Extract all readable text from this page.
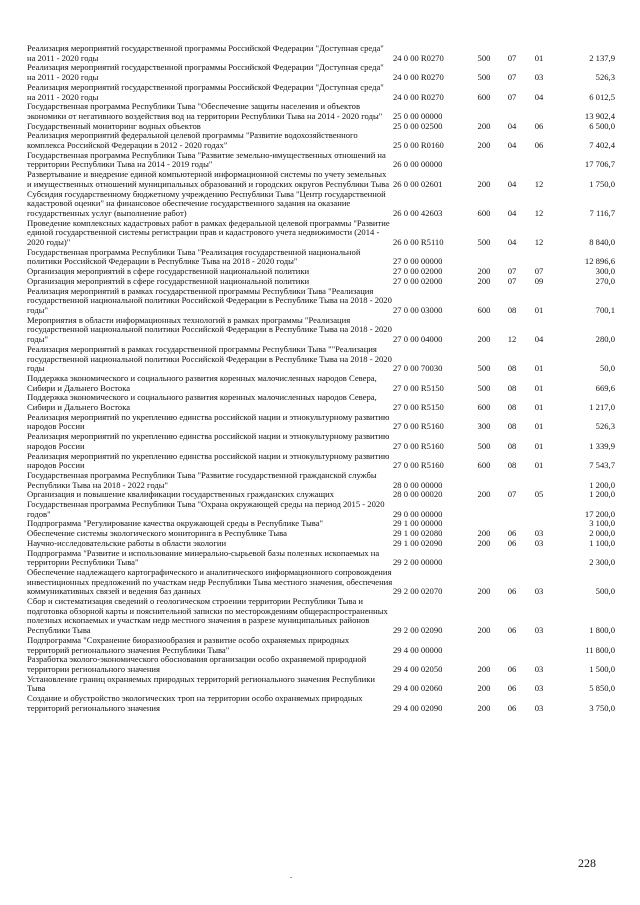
Реализация мероприятий государственной программы Российской Федерации "Доступная среда" на 2011 - 2020 годы	24 0 00 R0270	500	07	01	2 137,9
Реализация мероприятий государственной программы Российской Федерации "Доступная среда" на 2011 - 2020 годы	24 0 00 R0270	500	07	03	526,3
Реализация мероприятий государственной программы Российской Федерации "Доступная среда" на 2011 - 2020 годы	24 0 00 R0270	600	07	04	6 012,5
Государственная программа Республики Тыва "Обеспечение защиты населения и объектов экономики от негативного воздействия вод на территории Республики Тыва на 2014 - 2020 годы"	25 0 00 00000				13 902,4
Государственный мониторинг водных объектов	25 0 00 02500	200	04	06	6 500,0
Реализация мероприятий федеральной целевой программы "Развитие водохозяйственного комплекса Российской Федерации в 2012 - 2020 годах"	25 0 00 R0160	200	04	06	7 402,4
Государственная программа Республики Тыва "Развитие земельно-имущественных отношений на территории Республики Тыва на 2014 - 2019 годы"	26 0 00 00000				17 706,7
Развертывание и внедрение единой компьютерной информационной системы по учету земельных и имущественных отношений муниципальных образований и городских округов Республики Тыва	26 0 00 02601	200	04	12	1 750,0
Субсидия государственному бюджетному учреждению Республики Тыва "Центр государственной кадастровой оценки" на финансовое обеспечение государственного задания на оказание государственных услуг (выполнение работ)	26 0 00 42603	600	04	12	7 116,7
Проведение комплексных кадастровых работ в рамках федеральной целевой программы "Развитие единой государственной системы регистрации прав и кадастрового учета недвижимости (2014 - 2020 годы)"	26 0 00 R5110	500	04	12	8 840,0
Государственная программа Республики Тыва "Реализация государственной национальной политики Российской Федерации в Республике Тыва на 2018 - 2020 годы"	27 0 00 00000				12 896,6
Организация мероприятий в сфере государственной национальной политики	27 0 00 02000	200	07	07	300,0
Организация мероприятий в сфере государственной национальной политики	27 0 00 02000	200	07	09	270,0
Реализация мероприятий в рамках государственной программы Республики Тыва "Реализация государственной национальной политики Российской Федерации в Республике Тыва на 2018 - 2020 годы"	27 0 00 03000	600	08	01	700,1
Мероприятия в области информационных технологий в рамках программы "Реализация государственной национальной политики Российской Федерации в Республике Тыва на 2018 - 2020 годы"	27 0 00 04000	200	12	04	280,0
Реализация мероприятий в рамках государственной программы Республики Тыва ""Реализация государственной национальной политики Российской Федерации в Республике Тыва на 2018 - 2020 годы	27 0 00 70030	500	08	01	50,0
Поддержка экономического и социального развития коренных малочисленных народов Севера, Сибири и Дальнего Востока	27 0 00 R5150	500	08	01	669,6
Поддержка экономического и социального развития коренных малочисленных народов Севера, Сибири и Дальнего Востока	27 0 00 R5150	600	08	01	1 217,0
Реализация мероприятий по укреплению единства российской нации и этнокультурному развитию народов России	27 0 00 R5160	300	08	01	526,3
Реализация мероприятий по укреплению единства российской нации и этнокультурному развитию народов России	27 0 00 R5160	500	08	01	1 339,9
Реализация мероприятий по укреплению единства российской нации и этнокультурному развитию народов России	27 0 00 R5160	600	08	01	7 543,7
Государственная программа Республики Тыва "Развитие государственной гражданской службы Республики Тыва на 2018 - 2022 годы"	28 0 00 00000				1 200,0
Организация и повышение квалификации государственных гражданских служащих	28 0 00 00020	200	07	05	1 200,0
Государственная программа Республики Тыва "Охрана окружающей среды на период 2015 - 2020 годов"	29 0 00 00000				17 200,0
Подпрограмма "Регулирование качества окружающей среды в Республике Тыва"	29 1 00 00000				3 100,0
Обеспечение системы экологического мониторинга в Республике Тыва	29 1 00 02080	200	06	03	2 000,0
Научно-исследовательские работы в области экологии	29 1 00 02090	200	06	03	1 100,0
Подпрограмма "Развитие и использование минерально-сырьевой базы полезных ископаемых на территории Республики Тыва"	29 2 00 00000				2 300,0
Обеспечение надлежащего картографического и аналитического информационного сопровождения инвестиционных предложений по участкам недр Республики Тыва местного значения, обеспечения коммуникативных связей и ведения баз данных	29 2 00 02070	200	06	03	500,0
Сбор и систематизация сведений о геологическом строении территории Республики Тыва и подготовка обзорной карты и пояснительной записки по месторождениям общераспространенных полезных ископаемых и участкам недр местного значения в разрезе муниципальных районов Республики Тыва	29 2 00 02090	200	06	03	1 800,0
Подпрограмма "Сохранение биоразнообразия и развитие особо охраняемых природных территорий регионального значения Республики Тыва"	29 4 00 00000				11 800,0
Разработка эколого-экономического обоснования организации особо охраняемой природной территории регионального значения	29 4 00 02050	200	06	03	1 500,0
Установление границ охраняемых природных территорий регионального значения Республики Тыва	29 4 00 02060	200	06	03	5 850,0
Создание и обустройство экологических троп на территории особо охраняемых природных территорий регионального значения	29 4 00 02090	200	06	03	3 750,0
228
